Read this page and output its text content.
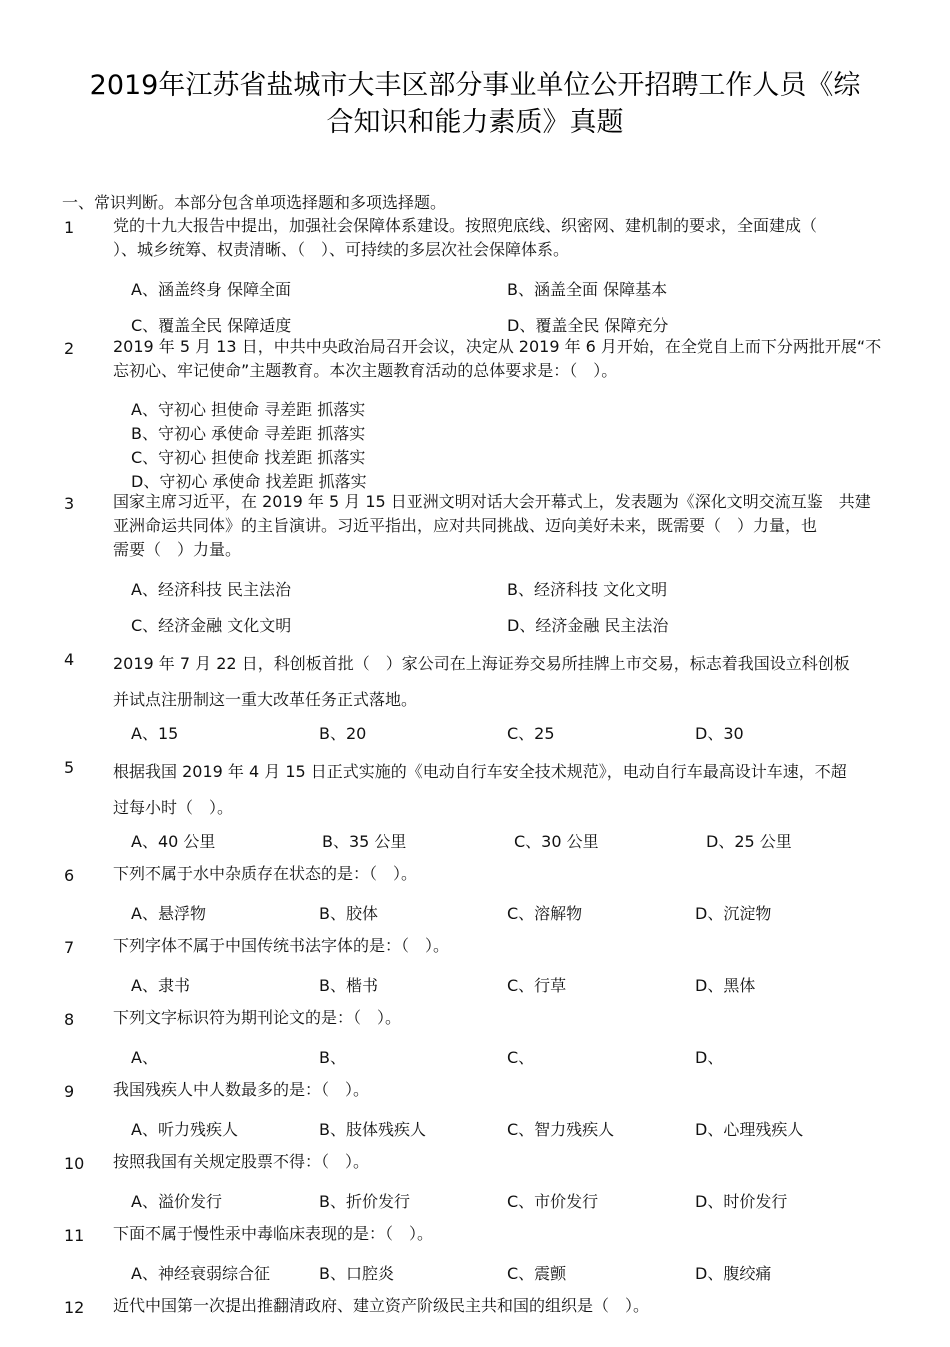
2019年江苏省盐城市大丰区部分事业单位公开招聘工作人员《综
合知识和能力素质》真题
一、常识判断。本部分包含单项选择题和多项选择题。
1 党的十九大报告中提出，加强社会保障体系建设。按照兜底线、织密网、建机制的要求，全面建成（
）、城乡统筹、权责清晰、（　）、可持续的多层次社会保障体系。
A、涵盖终身 保障全面	B、涵盖全面 保障基本
C、覆盖全民 保障适度	D、覆盖全民 保障充分
2 2019 年 5 月 13 日，中共中央政治局召开会议，决定从 2019 年 6 月开始，在全党自上而下分两批开展“不
忘初心、牢记使命”主题教育。本次主题教育活动的总体要求是：（　）。
A、守初心 担使命 寻差距 抓落实
B、守初心 承使命 寻差距 抓落实
C、守初心 担使命 找差距 抓落实
D、守初心 承使命 找差距 抓落实
3 国家主席习近平，在 2019 年 5 月 15 日亚洲文明对话大会开幕式上，发表题为《深化文明交流互鉴　共建
亚洲命运共同体》的主旨演讲。习近平指出，应对共同挑战、迈向美好未来，既需要（　）力量，也
需要（　）力量。
A、经济科技 民主法治	B、经济科技 文化文明
C、经济金融 文化文明	D、经济金融 民主法治
4 2019 年 7 月 22 日，科创板首批（　）家公司在上海证券交易所挂牌上市交易，标志着我国设立科创板
并试点注册制这一重大改革任务正式落地。
A、15	B、20	C、25	D、30
5 根据我国 2019 年 4 月 15 日正式实施的《电动自行车安全技术规范》，电动自行车最高设计车速，不超
过每小时（　）。
A、40 公里	B、35 公里	C、30 公里	D、25 公里
6 下列不属于水中杂质存在状态的是：（　）。
A、悬浮物	B、胶体	C、溶解物	D、沉淀物
7 下列字体不属于中国传统书法字体的是：（　）。
A、隶书	B、楷书	C、行草	D、黑体
8 下列文字标识符为期刊论文的是：（　）。
A、	B、	C、	D、
9 我国残疾人中人数最多的是：（　）。
A、听力残疾人	B、肢体残疾人	C、智力残疾人	D、心理残疾人
10 按照我国有关规定股票不得：（　）。
A、溢价发行	B、折价发行	C、市价发行	D、时价发行
11 下面不属于慢性汞中毒临床表现的是：（　）。
A、神经衰弱综合征	B、口腔炎	C、震颤	D、腹绞痛
12 近代中国第一次提出推翻清政府、建立资产阶级民主共和国的组织是（　）。
